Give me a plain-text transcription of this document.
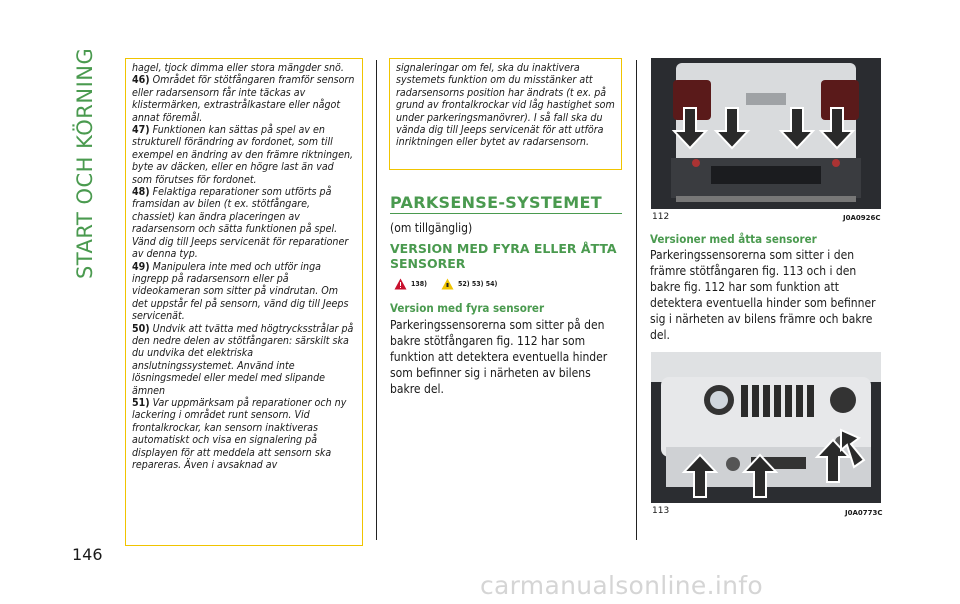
START OCH KÖRNING
146

hagel, tjock dimma eller stora mängder snö.

46) Området för stötfångaren framför sensorn eller radarsensorn får inte täckas av klistermärken, extrastrålkastare eller något annat föremål.

47) Funktionen kan sättas på spel av en strukturell förändring av fordonet, som till exempel en ändring av den främre riktningen, byte av däcken, eller en högre last än vad som förutses för fordonet.

48) Felaktiga reparationer som utförts på framsidan av bilen (t ex. stötfångare, chassiet) kan ändra placeringen av radarsensorn och sätta funktionen på spel. Vänd dig till Jeeps servicenät för reparationer av denna typ.

49) Manipulera inte med och utför inga ingrepp på radarsensorn eller på videokameran som sitter på vindrutan. Om det uppstår fel på sensorn, vänd dig till Jeeps servicenät.

50) Undvik att tvätta med högtrycksstrålar på den nedre delen av stötfångaren: särskilt ska du undvika det elektriska anslutningssystemet. Använd inte lösningsmedel eller medel med slipande ämnen

51) Var uppmärksam på reparationer och ny lackering i området runt sensorn. Vid frontalkrockar, kan sensorn inaktiveras automatiskt och visa en signalering på displayen för att meddela att sensorn ska repareras. Även i avsaknad av

signaleringar om fel, ska du inaktivera systemets funktion om du misstänker att radarsensorns position har ändrats (t ex. på grund av frontalkrockar vid låg hastighet som under parkeringsmanövrer). I så fall ska du vända dig till Jeeps servicenät för att utföra inriktningen eller bytet av radarsensorn.

PARKSENSE-SYSTEMET
(om tillgänglig)
VERSION MED FYRA ELLER ÅTTA SENSORER
138)	52) 53) 54)
Version med fyra sensorer
Parkeringssensorerna som sitter på den bakre stötfångaren fig. 112 har som funktion att detektera eventuella hinder som befinner sig i närheten av bilens bakre del.
112	J0A0926C
Versioner med åtta sensorer
Parkeringssensorerna som sitter i den främre stötfångaren fig. 113 och i den bakre fig. 112 har som funktion att detektera eventuella hinder som befinner sig i närheten av bilens främre och bakre del.
113	J0A0773C
carmanualsonline.info
